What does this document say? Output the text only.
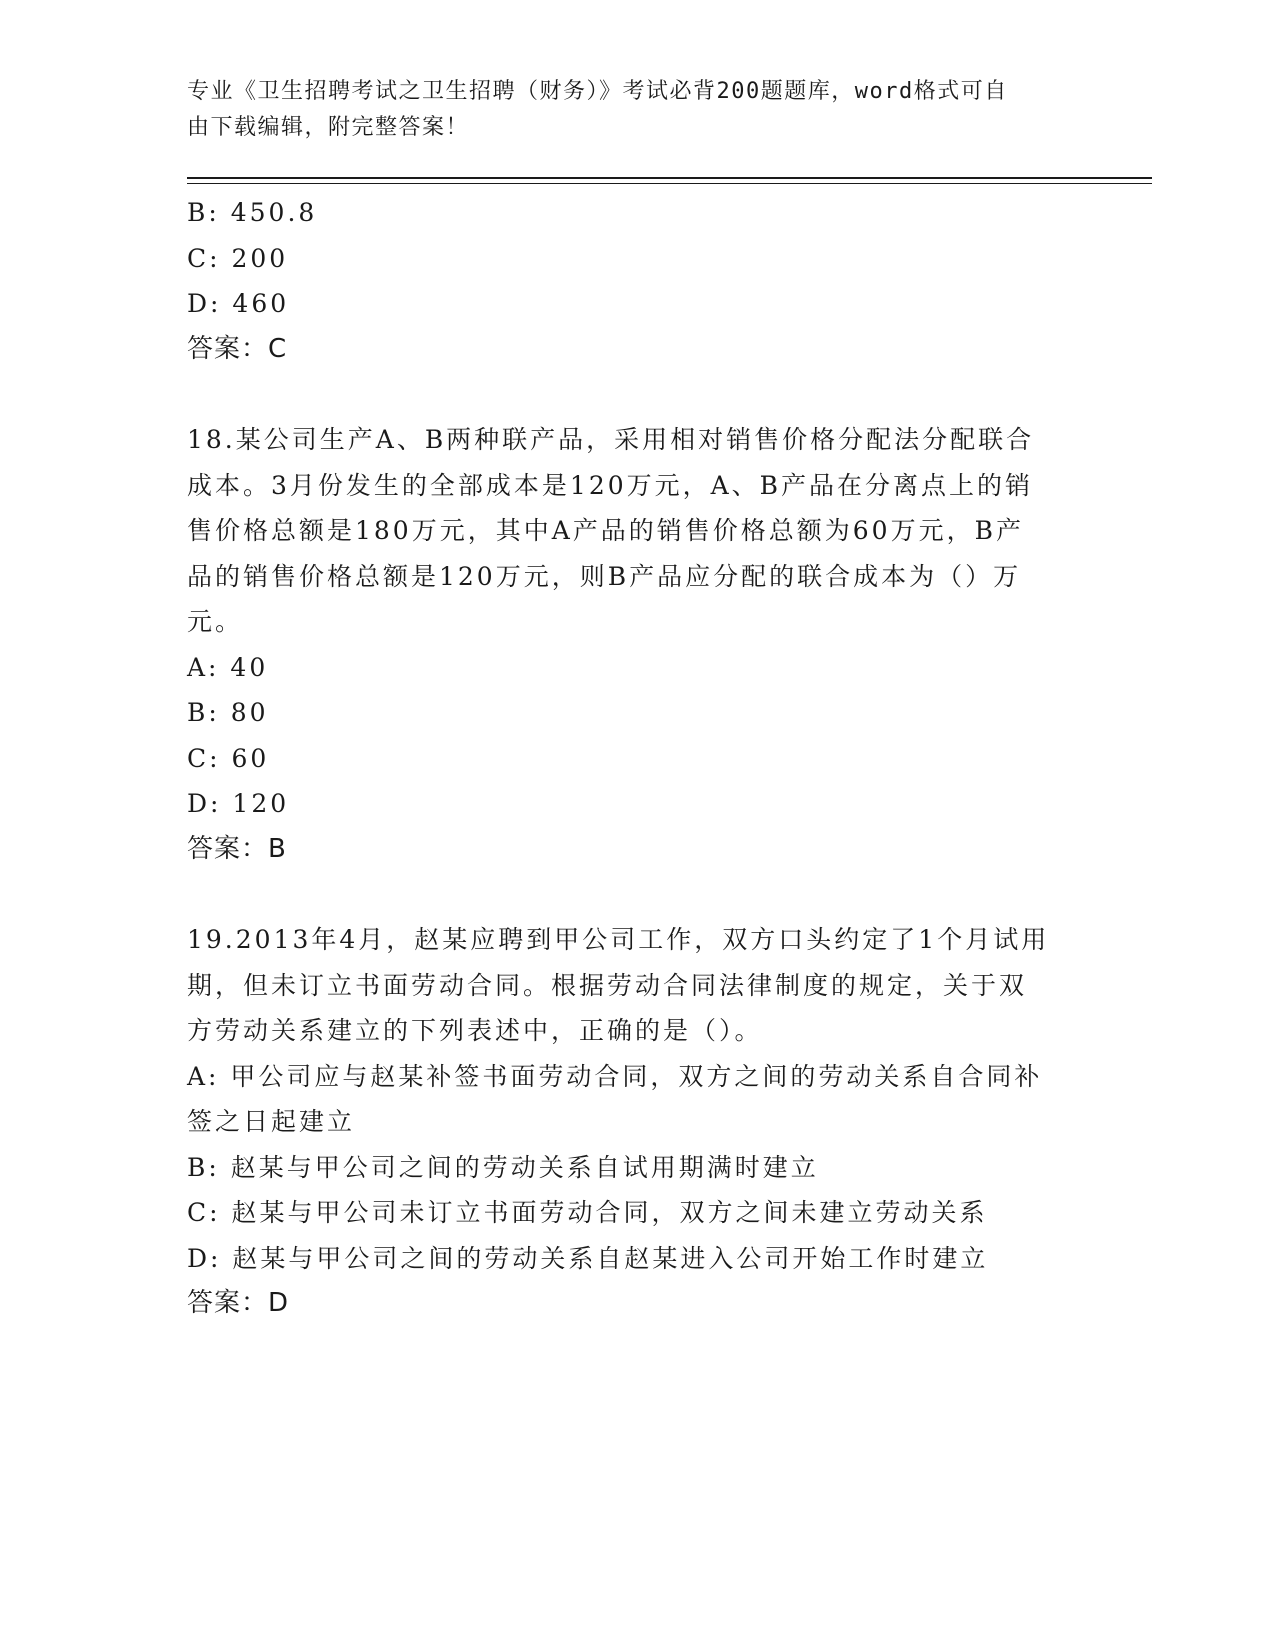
专业《卫生招聘考试之卫生招聘（财务）》考试必背200题题库，word格式可自
由下载编辑，附完整答案！
B: 450.8
C: 200
D: 460
答案：C
18.某公司生产A、B两种联产品，采用相对销售价格分配法分配联合
成本。3月份发生的全部成本是120万元，A、B产品在分离点上的销
售价格总额是180万元，其中A产品的销售价格总额为60万元，B产
品的销售价格总额是120万元，则B产品应分配的联合成本为（）万
元。
A: 40
B: 80
C: 60
D: 120
答案：B
19.2013年4月，赵某应聘到甲公司工作，双方口头约定了1个月试用
期，但未订立书面劳动合同。根据劳动合同法律制度的规定，关于双
方劳动关系建立的下列表述中，正确的是（）。
A: 甲公司应与赵某补签书面劳动合同，双方之间的劳动关系自合同补
签之日起建立
B: 赵某与甲公司之间的劳动关系自试用期满时建立
C: 赵某与甲公司未订立书面劳动合同，双方之间未建立劳动关系
D: 赵某与甲公司之间的劳动关系自赵某进入公司开始工作时建立
答案：D
